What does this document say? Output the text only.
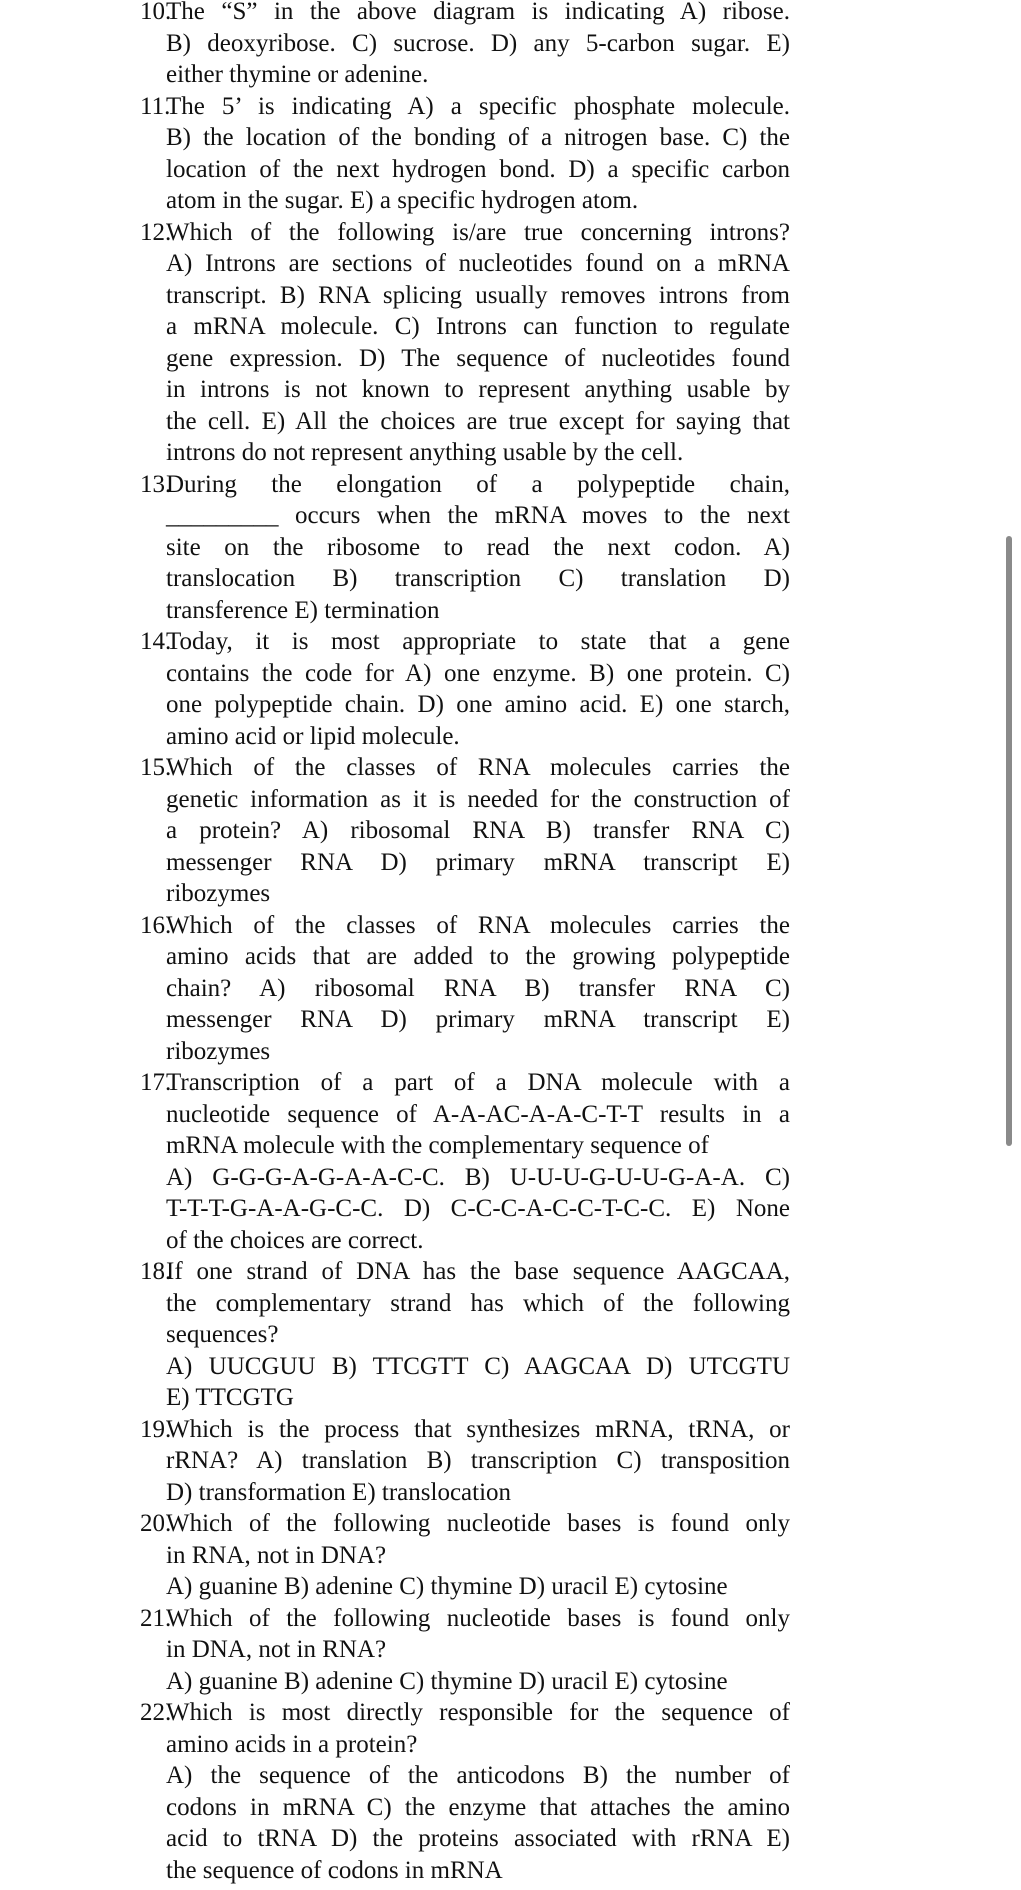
10.
The “S” in the above diagram is indicating A) ribose.
B) deoxyribose. C) sucrose. D) any 5-carbon sugar. E)
either thymine or adenine.
11.
The 5’ is indicating A) a specific phosphate molecule.
B) the location of the bonding of a nitrogen base. C) the
location of the next hydrogen bond. D) a specific carbon
atom in the sugar. E) a specific hydrogen atom.
12.
Which of the following is/are true concerning introns?
A) Introns are sections of nucleotides found on a mRNA
transcript. B) RNA splicing usually removes introns from
a mRNA molecule. C) Introns can function to regulate
gene expression. D) The sequence of nucleotides found
in introns is not known to represent anything usable by
the cell. E) All the choices are true except for saying that
introns do not represent anything usable by the cell.
13.
During the elongation of a polypeptide chain,
_________ occurs when the mRNA moves to the next
site on the ribosome to read the next codon. A)
translocation B) transcription C) translation D)
transference E) termination
14.
Today, it is most appropriate to state that a gene
contains the code for A) one enzyme. B) one protein. C)
one polypeptide chain. D) one amino acid. E) one starch,
amino acid or lipid molecule.
15.
Which of the classes of RNA molecules carries the
genetic information as it is needed for the construction of
a protein? A) ribosomal RNA B) transfer RNA C)
messenger RNA D) primary mRNA transcript E)
ribozymes
16.
Which of the classes of RNA molecules carries the
amino acids that are added to the growing polypeptide
chain? A) ribosomal RNA B) transfer RNA C)
messenger RNA D) primary mRNA transcript E)
ribozymes
17.
Transcription of a part of a DNA molecule with a
nucleotide sequence of A-A-AC-A-A-C-T-T results in a
mRNA molecule with the complementary sequence of
A) G-G-G-A-G-A-A-C-C. B) U-U-U-G-U-U-G-A-A. C)
T-T-T-G-A-A-G-C-C. D) C-C-C-A-C-C-T-C-C. E) None
of the choices are correct.
18.
If one strand of DNA has the base sequence AAGCAA,
the complementary strand has which of the following
sequences?
A) UUCGUU B) TTCGTT C) AAGCAA D) UTCGTU
E) TTCGTG
19.
Which is the process that synthesizes mRNA, tRNA, or
rRNA? A) translation B) transcription C) transposition
D) transformation E) translocation
20.
Which of the following nucleotide bases is found only
in RNA, not in DNA?
A) guanine B) adenine C) thymine D) uracil E) cytosine
21.
Which of the following nucleotide bases is found only
in DNA, not in RNA?
A) guanine B) adenine C) thymine D) uracil E) cytosine
22.
Which is most directly responsible for the sequence of
amino acids in a protein?
A) the sequence of the anticodons B) the number of
codons in mRNA C) the enzyme that attaches the amino
acid to tRNA D) the proteins associated with rRNA E)
the sequence of codons in mRNA
